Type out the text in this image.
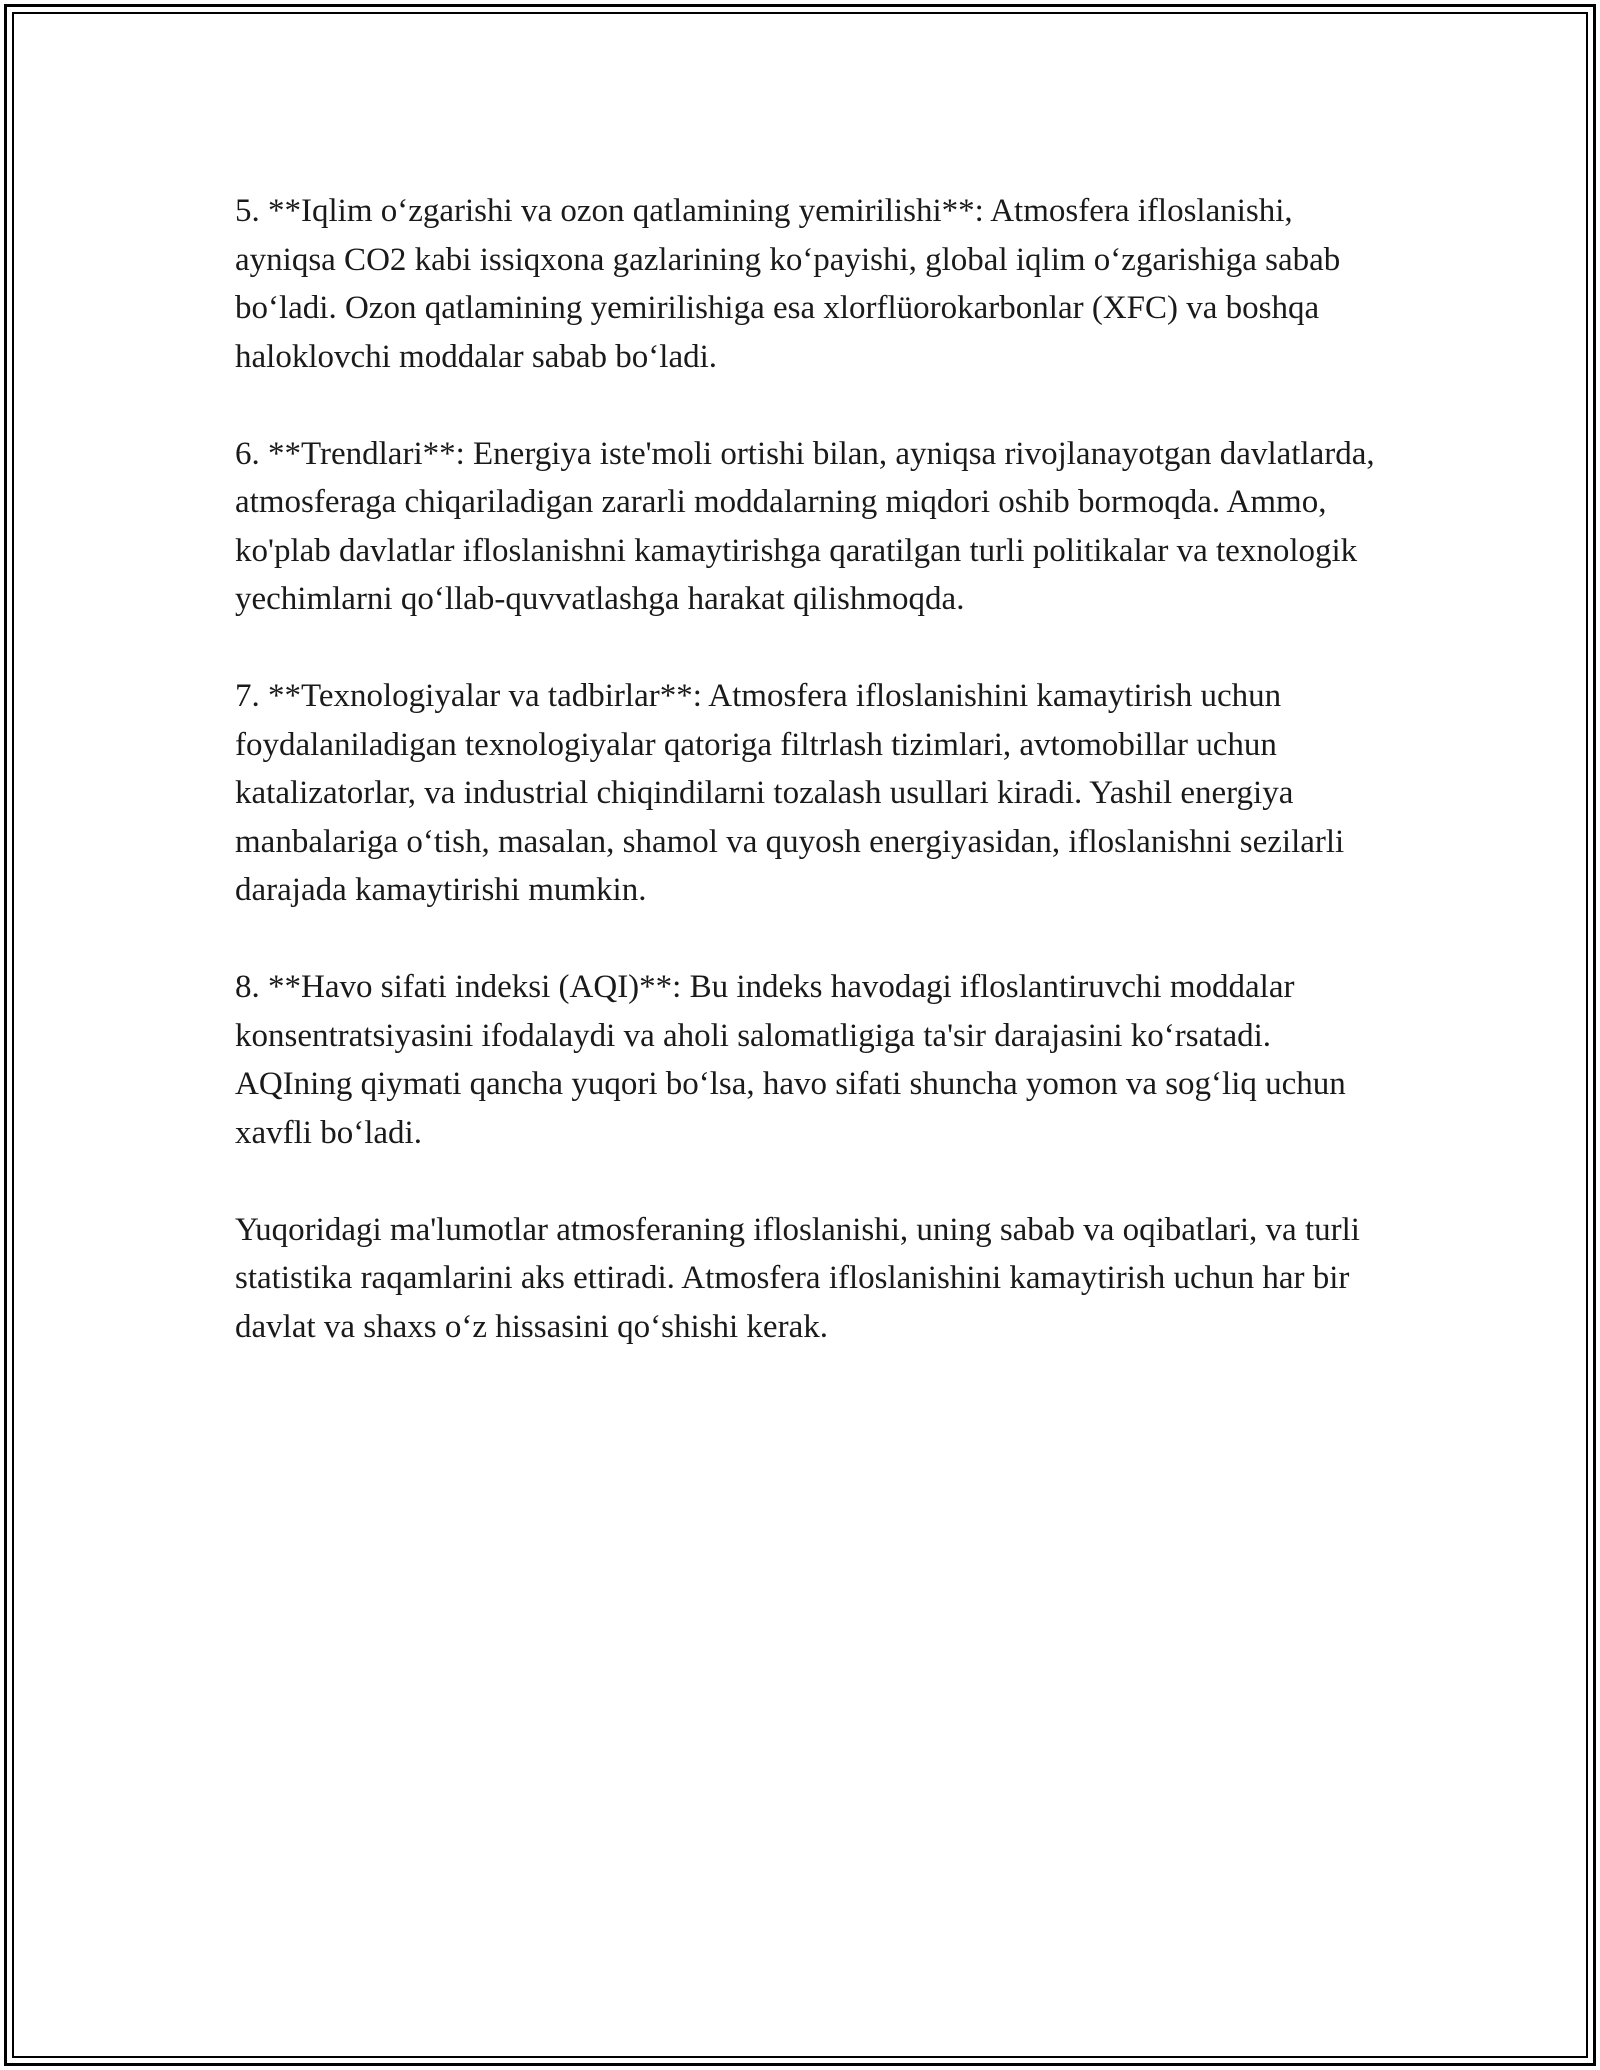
5. **Iqlim o‘zgarishi va ozon qatlamining yemirilishi**: Atmosfera ifloslanishi, ayniqsa CO2 kabi issiqxona gazlarining ko‘payishi, global iqlim o‘zgarishiga sabab bo‘ladi. Ozon qatlamining yemirilishiga esa xlorflüorokarbonlar (XFC) va boshqa haloklovchi moddalar sabab bo‘ladi.

6. **Trendlari**: Energiya iste'moli ortishi bilan, ayniqsa rivojlanayotgan davlatlarda, atmosferaga chiqariladigan zararli moddalarning miqdori oshib bormoqda. Ammo, ko'plab davlatlar ifloslanishni kamaytirishga qaratilgan turli politikalar va texnologik yechimlarni qo‘llab-quvvatlashga harakat qilishmoqda.

7. **Texnologiyalar va tadbirlar**: Atmosfera ifloslanishini kamaytirish uchun foydalaniladigan texnologiyalar qatoriga filtrlash tizimlari, avtomobillar uchun katalizatorlar, va industrial chiqindilarni tozalash usullari kiradi. Yashil energiya manbalariga o‘tish, masalan, shamol va quyosh energiyasidan, ifloslanishni sezilarli darajada kamaytirishi mumkin.

8. **Havo sifati indeksi (AQI)**: Bu indeks havodagi ifloslantiruvchi moddalar konsentratsiyasini ifodalaydi va aholi salomatligiga ta'sir darajasini ko‘rsatadi. AQIning qiymati qancha yuqori bo‘lsa, havo sifati shuncha yomon va sog‘liq uchun xavfli bo‘ladi.

Yuqoridagi ma'lumotlar atmosferaning ifloslanishi, uning sabab va oqibatlari, va turli statistika raqamlarini aks ettiradi. Atmosfera ifloslanishini kamaytirish uchun har bir davlat va shaxs o‘z hissasini qo‘shishi kerak.
